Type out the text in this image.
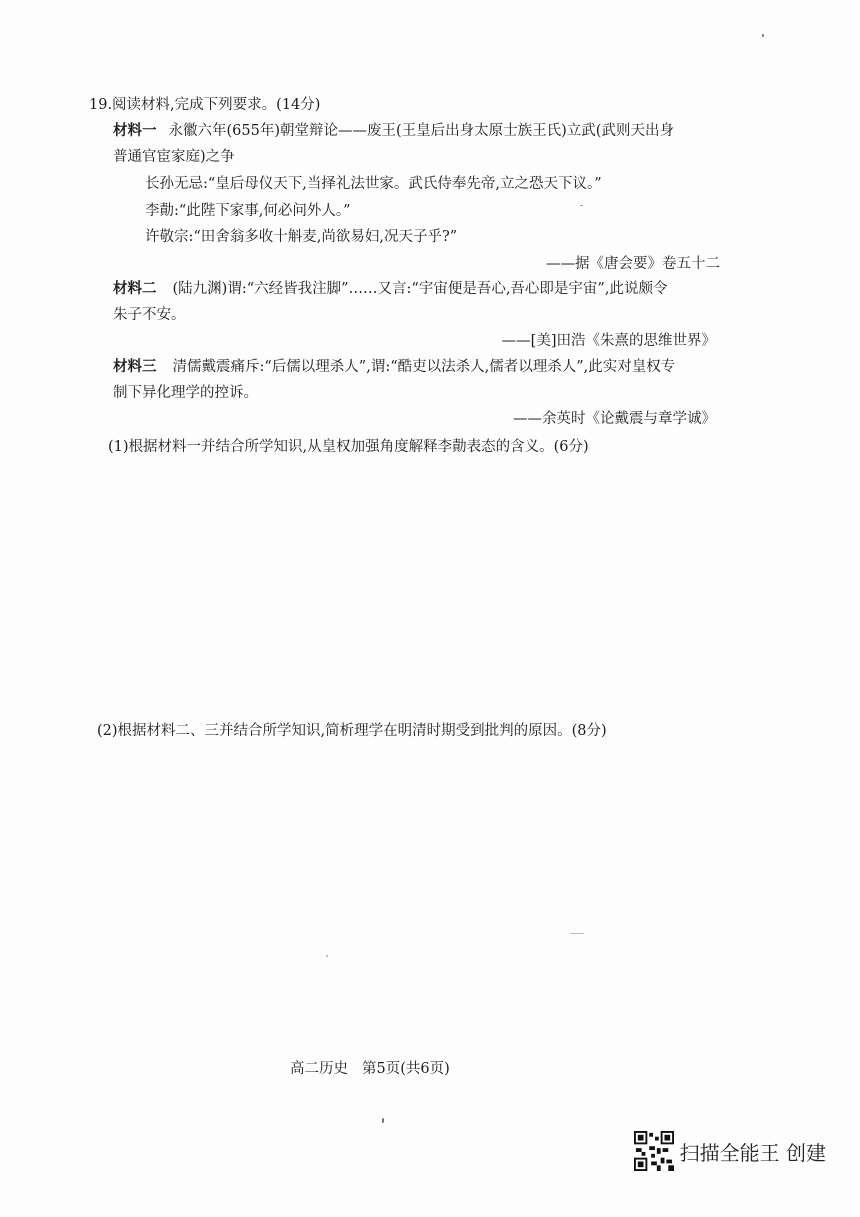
19.阅读材料,完成下列要求。(14分)
材料一 永徽六年(655年)朝堂辩论——废王(王皇后出身太原士族王氏)立武(武则天出身
普通官宦家庭)之争
长孙无忌:“皇后母仪天下,当择礼法世家。武氏侍奉先帝,立之恐天下议。”
李勣:“此陛下家事,何必问外人。”
许敬宗:“田舍翁多收十斛麦,尚欲易妇,况天子乎?”
——据《唐会要》卷五十二
材料二 (陆九渊)谓:“六经皆我注脚”……又言:“宇宙便是吾心,吾心即是宇宙”,此说颇令
朱子不安。
——[美]田浩《朱熹的思维世界》
材料三 清儒戴震痛斥:“后儒以理杀人”,谓:“酷吏以法杀人,儒者以理杀人”,此实对皇权专
制下异化理学的控诉。
——余英时《论戴震与章学诚》
(1)根据材料一并结合所学知识,从皇权加强角度解释李勣表态的含义。(6分)
(2)根据材料二、三并结合所学知识,简析理学在明清时期受到批判的原因。(8分)
高二历史 第5页(共6页)
扫描全能王 创建
